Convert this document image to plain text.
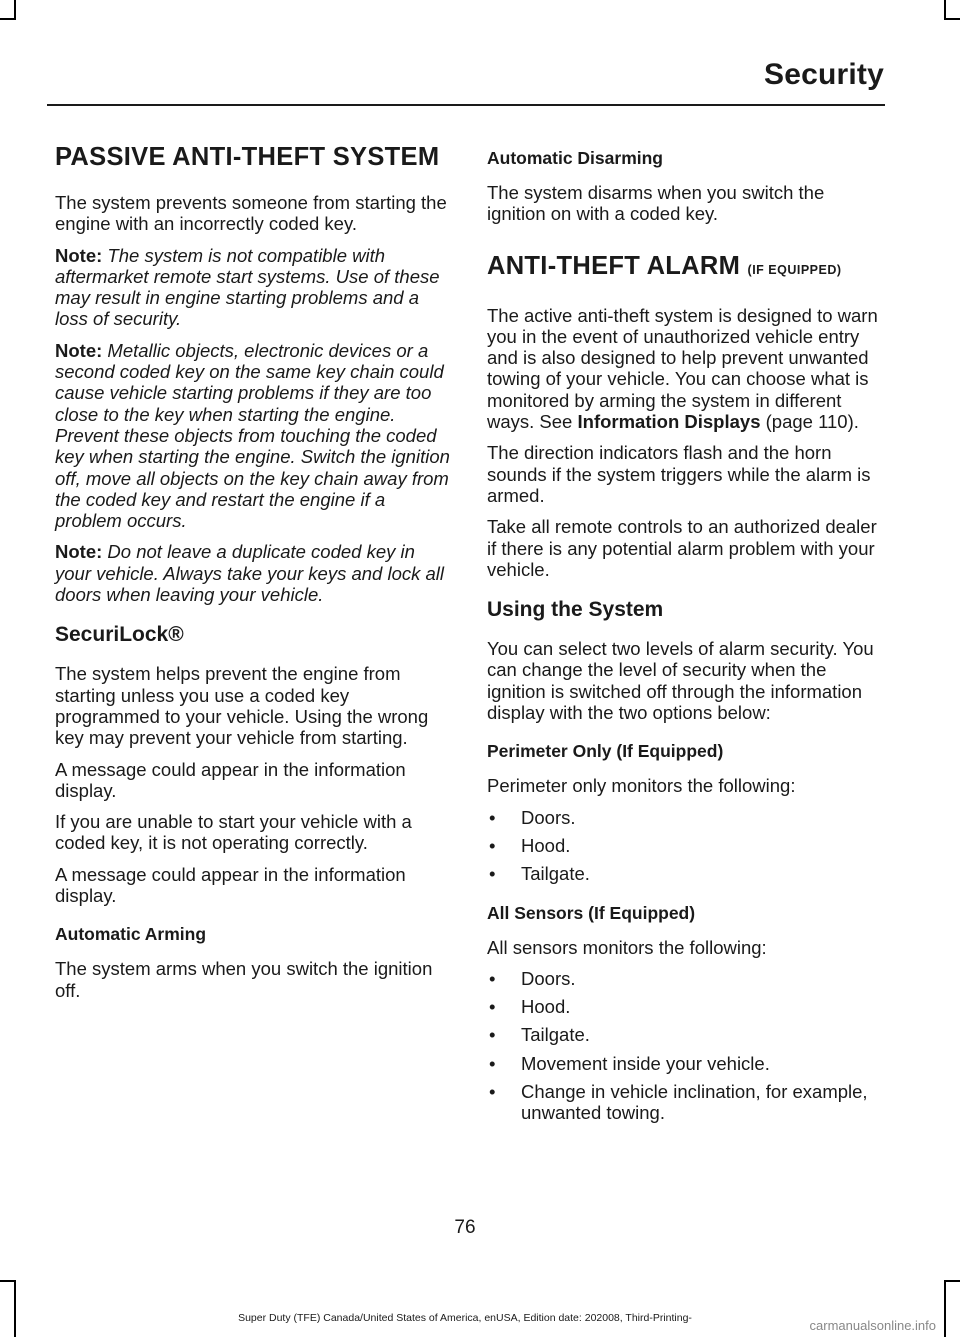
Security
PASSIVE ANTI-THEFT SYSTEM

The system prevents someone from starting the engine with an incorrectly coded key.

Note: The system is not compatible with aftermarket remote start systems. Use of these may result in engine starting problems and a loss of security.

Note: Metallic objects, electronic devices or a second coded key on the same key chain could cause vehicle starting problems if they are too close to the key when starting the engine. Prevent these objects from touching the coded key when starting the engine. Switch the ignition off, move all objects on the key chain away from the coded key and restart the engine if a problem occurs.

Note: Do not leave a duplicate coded key in your vehicle. Always take your keys and lock all doors when leaving your vehicle.

SecuriLock®

The system helps prevent the engine from starting unless you use a coded key programmed to your vehicle. Using the wrong key may prevent your vehicle from starting.

A message could appear in the information display.

If you are unable to start your vehicle with a coded key, it is not operating correctly.

A message could appear in the information display.

Automatic Arming

The system arms when you switch the ignition off.

Automatic Disarming

The system disarms when you switch the ignition on with a coded key.

ANTI-THEFT ALARM (IF EQUIPPED)

The active anti-theft system is designed to warn you in the event of unauthorized vehicle entry and is also designed to help prevent unwanted towing of your vehicle. You can choose what is monitored by arming the system in different ways. See Information Displays (page 110).

The direction indicators flash and the horn sounds if the system triggers while the alarm is armed.

Take all remote controls to an authorized dealer if there is any potential alarm problem with your vehicle.

Using the System

You can select two levels of alarm security. You can change the level of security when the ignition is switched off through the information display with the two options below:

Perimeter Only (If Equipped)

Perimeter only monitors the following:

• Doors.
• Hood.
• Tailgate.
All Sensors (If Equipped)

All sensors monitors the following:

• Doors.
• Hood.
• Tailgate.
• Movement inside your vehicle.
• Change in vehicle inclination, for example, unwanted towing.
76
Super Duty (TFE) Canada/United States of America, enUSA, Edition date: 202008, Third-Printing-	carmanualsonline.info
